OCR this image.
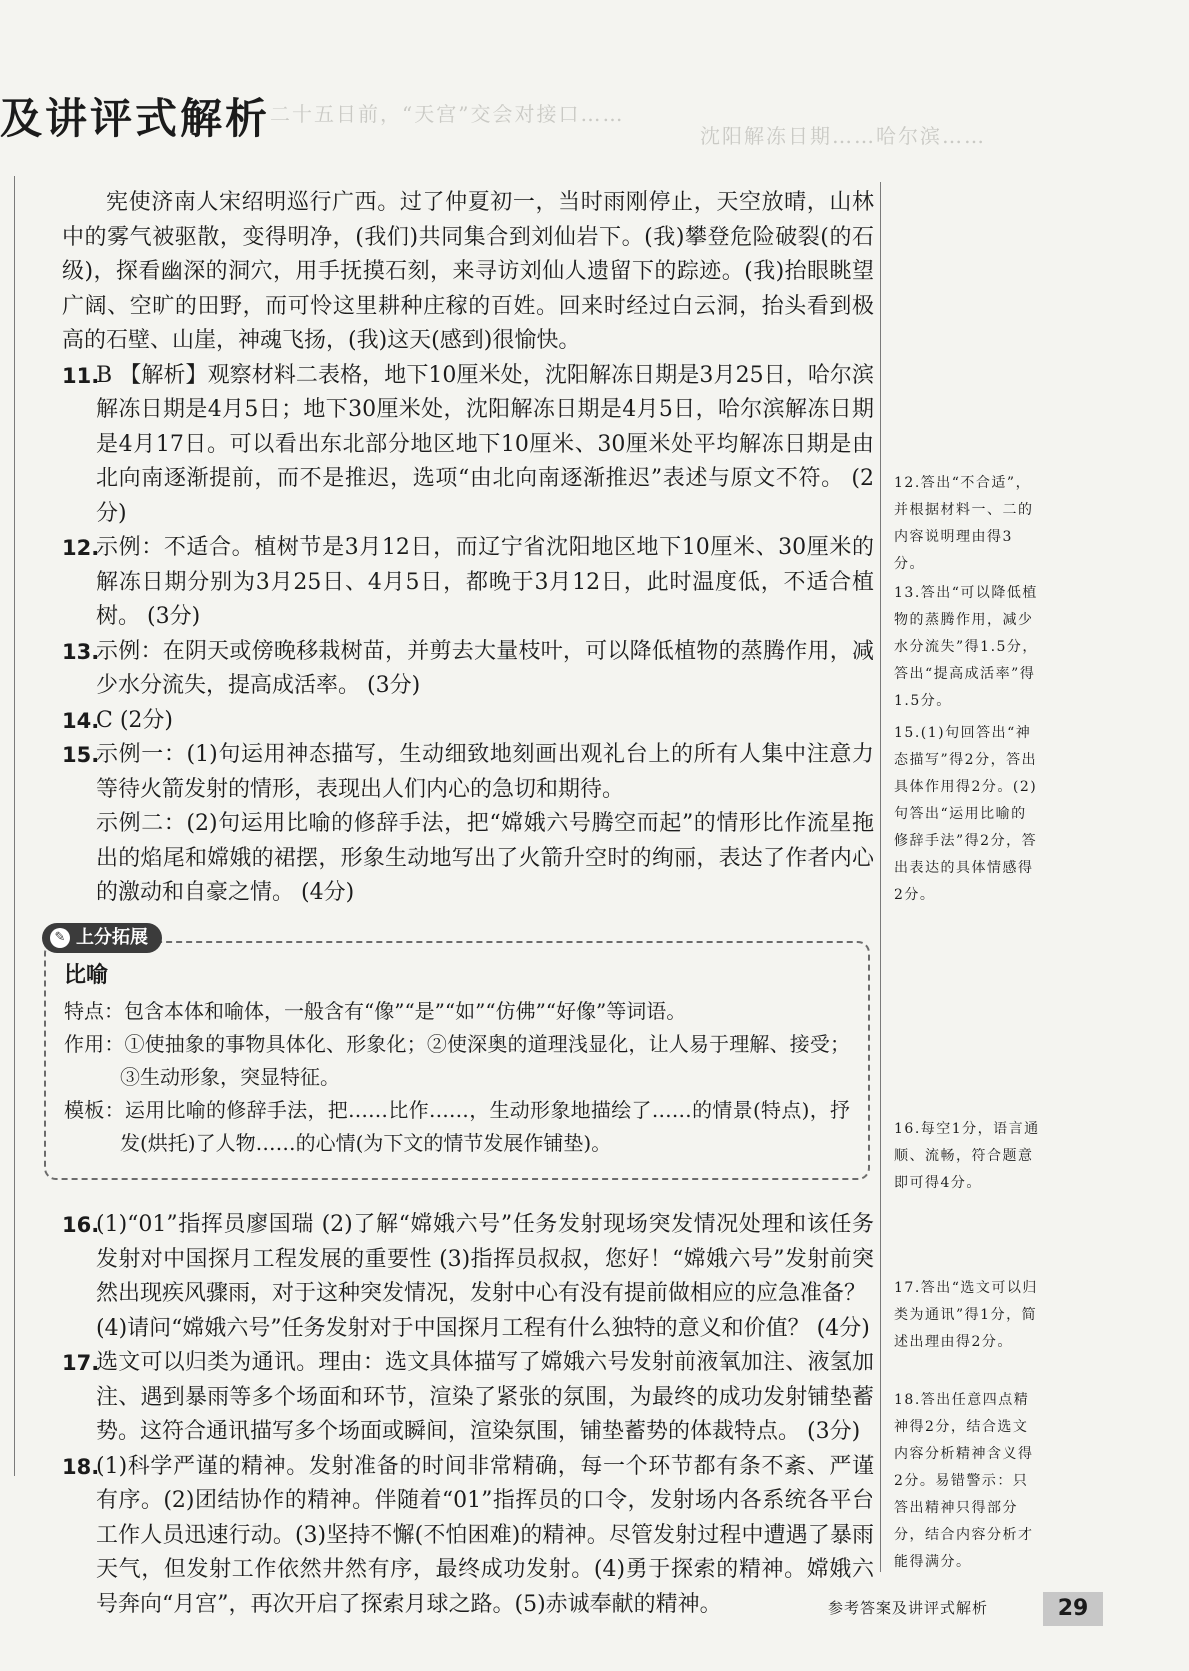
及讲评式解析 二十五日前，“天宫”交会对接口……
沈阳解冻日期……哈尔滨……

宪使济南人宋绍明巡行广西。过了仲夏初一，当时雨刚停止，天空放晴，山林中的雾气被驱散，变得明净，(我们)共同集合到刘仙岩下。(我)攀登危险破裂(的石级)，探看幽深的洞穴，用手抚摸石刻，来寻访刘仙人遗留下的踪迹。(我)抬眼眺望广阔、空旷的田野，而可怜这里耕种庄稼的百姓。回来时经过白云洞，抬头看到极高的石壁、山崖，神魂飞扬，(我)这天(感到)很愉快。

11.

B 【解析】观察材料二表格，地下10厘米处，沈阳解冻日期是3月25日，哈尔滨解冻日期是4月5日；地下30厘米处，沈阳解冻日期是4月5日，哈尔滨解冻日期是4月17日。可以看出东北部分地区地下10厘米、30厘米处平均解冻日期是由北向南逐渐提前，而不是推迟，选项“由北向南逐渐推迟”表述与原文不符。 (2分)

12.

示例：不适合。植树节是3月12日，而辽宁省沈阳地区地下10厘米、30厘米的解冻日期分别为3月25日、4月5日，都晚于3月12日，此时温度低，不适合植树。 (3分)

13.

示例：在阴天或傍晚移栽树苗，并剪去大量枝叶，可以降低植物的蒸腾作用，减少水分流失，提高成活率。 (3分)

14.

C (2分)

15.

示例一：(1)句运用神态描写，生动细致地刻画出观礼台上的所有人集中注意力等待火箭发射的情形，表现出人们内心的急切和期待。

示例二：(2)句运用比喻的修辞手法，把“嫦娥六号腾空而起”的情形比作流星拖出的焰尾和嫦娥的裙摆，形象生动地写出了火箭升空时的绚丽，表达了作者内心的激动和自豪之情。 (4分)

✎ 上分拓展
比喻

特点：包含本体和喻体，一般含有“像”“是”“如”“仿佛”“好像”等词语。

作用：①使抽象的事物具体化、形象化；②使深奥的道理浅显化，让人易于理解、接受；③生动形象，突显特征。

模板：运用比喻的修辞手法，把……比作……，生动形象地描绘了……的情景(特点)，抒发(烘托)了人物……的心情(为下文的情节发展作铺垫)。

16.

(1)“01”指挥员廖国瑞 (2)了解“嫦娥六号”任务发射现场突发情况处理和该任务发射对中国探月工程发展的重要性 (3)指挥员叔叔，您好！“嫦娥六号”发射前突然出现疾风骤雨，对于这种突发情况，发射中心有没有提前做相应的应急准备？

(4)请问“嫦娥六号”任务发射对于中国探月工程有什么独特的意义和价值？ (4分)

17.

选文可以归类为通讯。理由：选文具体描写了嫦娥六号发射前液氧加注、液氢加注、遇到暴雨等多个场面和环节，渲染了紧张的氛围，为最终的成功发射铺垫蓄势。这符合通讯描写多个场面或瞬间，渲染氛围，铺垫蓄势的体裁特点。 (3分)

18.

(1)科学严谨的精神。发射准备的时间非常精确，每一个环节都有条不紊、严谨有序。(2)团结协作的精神。伴随着“01”指挥员的口令，发射场内各系统各平台工作人员迅速行动。(3)坚持不懈(不怕困难)的精神。尽管发射过程中遭遇了暴雨天气，但发射工作依然井然有序，最终成功发射。(4)勇于探索的精神。嫦娥六号奔向“月宫”，再次开启了探索月球之路。(5)赤诚奉献的精神。

12.答出“不合适”，并根据材料一、二的内容说明理由得3分。
13.答出“可以降低植物的蒸腾作用，减少水分流失”得1.5分，答出“提高成活率”得1.5分。
15.(1)句回答出“神态描写”得2分，答出具体作用得2分。(2)句答出“运用比喻的修辞手法”得2分，答出表达的具体情感得2分。
16.每空1分，语言通顺、流畅，符合题意即可得4分。
17.答出“选文可以归类为通讯”得1分，简述出理由得2分。
18.答出任意四点精神得2分，结合选文内容分析精神含义得2分。易错警示：只答出精神只得部分分，结合内容分析才能得满分。
参考答案及讲评式解析	29
